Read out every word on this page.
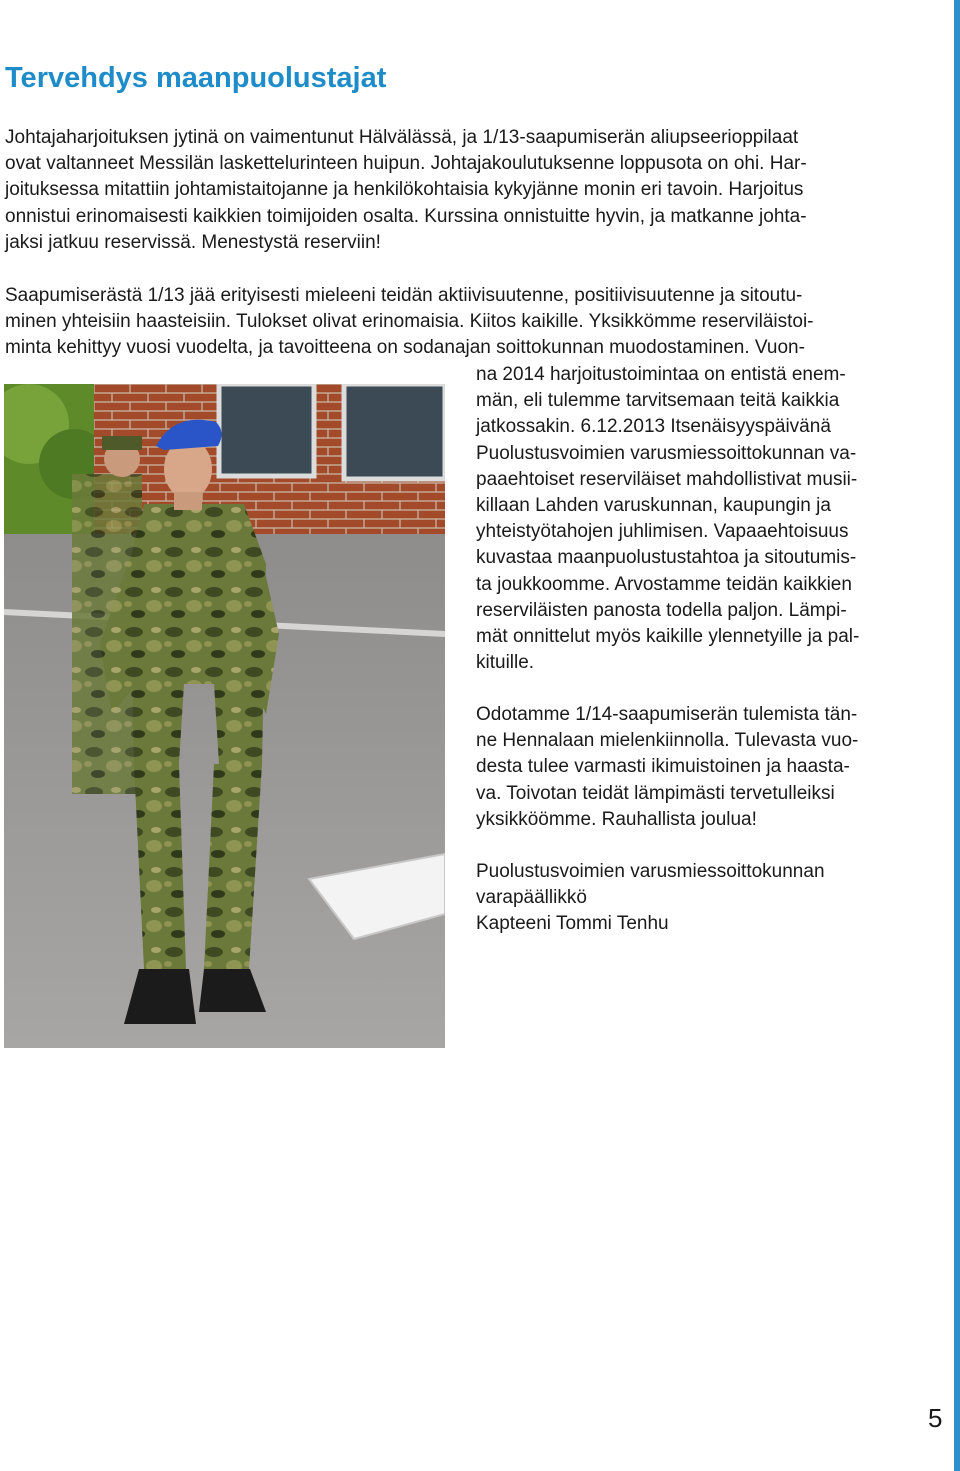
Tervehdys maanpuolustajat

Johtajaharjoituksen jytinä on vaimentunut Hälvälässä, ja 1/13-saapumiserän aliupseerioppilaat
ovat valtanneet Messilän laskettelurinteen huipun. Johtajakoulutuksenne loppusota on ohi. Har-
joituksessa mitattiin johtamistaitojanne ja henkilökohtaisia kykyjänne monin eri tavoin. Harjoitus
onnistui erinomaisesti kaikkien toimijoiden osalta. Kurssina onnistuitte hyvin, ja matkanne johta-
jaksi jatkuu reservissä. Menestystä reserviin!

Saapumiserästä 1/13 jää erityisesti mieleeni teidän aktiivisuutenne, positiivisuutenne ja sitoutu-
minen yhteisiin haasteisiin. Tulokset olivat erinomaisia. Kiitos kaikille. Yksikkömme reserviläistoi-
minta kehittyy vuosi vuodelta, ja tavoitteena on sodanajan soittokunnan muodostaminen. Vuon-

na 2014 harjoitustoimintaa on entistä enem-
män, eli tulemme tarvitsemaan teitä kaikkia
jatkossakin. 6.12.2013 Itsenäisyyspäivänä
Puolustusvoimien varusmiessoittokunnan va-
paaehtoiset reserviläiset mahdollistivat musii-
killaan Lahden varuskunnan, kaupungin ja
yhteistyötahojen juhlimisen. Vapaaehtoisuus
kuvastaa maanpuolustustahtoa ja sitoutumis-
ta joukkoomme. Arvostamme teidän kaikkien
reserviläisten panosta todella paljon. Lämpi-
mät onnittelut myös kaikille ylennetyille ja pal-
kituille.

Odotamme 1/14-saapumiserän tulemista tän-
ne Hennalaan mielenkiinnolla. Tulevasta vuo-
desta tulee varmasti ikimuistoinen ja haasta-
va. Toivotan teidät lämpimästi tervetulleiksi
yksikköömme. Rauhallista joulua!

Puolustusvoimien varusmiessoittokunnan
varapäällikkö
Kapteeni Tommi Tenhu

5
